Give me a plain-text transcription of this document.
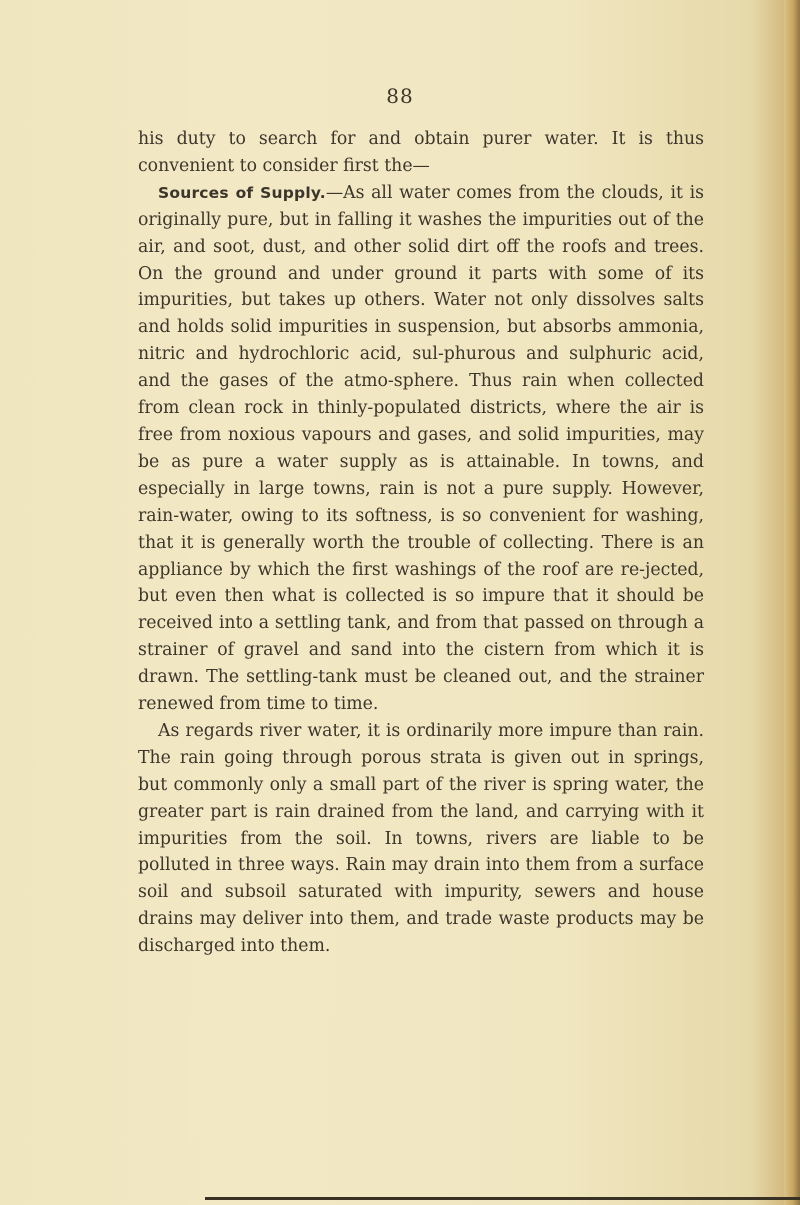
88

his duty to search for and obtain purer water. It is thus convenient to consider first the—

Sources of Supply.—As all water comes from the clouds, it is originally pure, but in falling it washes the impurities out of the air, and soot, dust, and other solid dirt off the roofs and trees. On the ground and under ground it parts with some of its impurities, but takes up others. Water not only dissolves salts and holds solid impurities in suspension, but absorbs ammonia, nitric and hydrochloric acid, sul-phurous and sulphuric acid, and the gases of the atmo-sphere. Thus rain when collected from clean rock in thinly-populated districts, where the air is free from noxious vapours and gases, and solid impurities, may be as pure a water supply as is attainable. In towns, and especially in large towns, rain is not a pure supply. However, rain-water, owing to its softness, is so convenient for washing, that it is generally worth the trouble of collecting. There is an appliance by which the first washings of the roof are re-jected, but even then what is collected is so impure that it should be received into a settling tank, and from that passed on through a strainer of gravel and sand into the cistern from which it is drawn. The settling-tank must be cleaned out, and the strainer renewed from time to time.

As regards river water, it is ordinarily more impure than rain. The rain going through porous strata is given out in springs, but commonly only a small part of the river is spring water, the greater part is rain drained from the land, and carrying with it impurities from the soil. In towns, rivers are liable to be polluted in three ways. Rain may drain into them from a surface soil and subsoil saturated with impurity, sewers and house drains may deliver into them, and trade waste products may be discharged into them.
